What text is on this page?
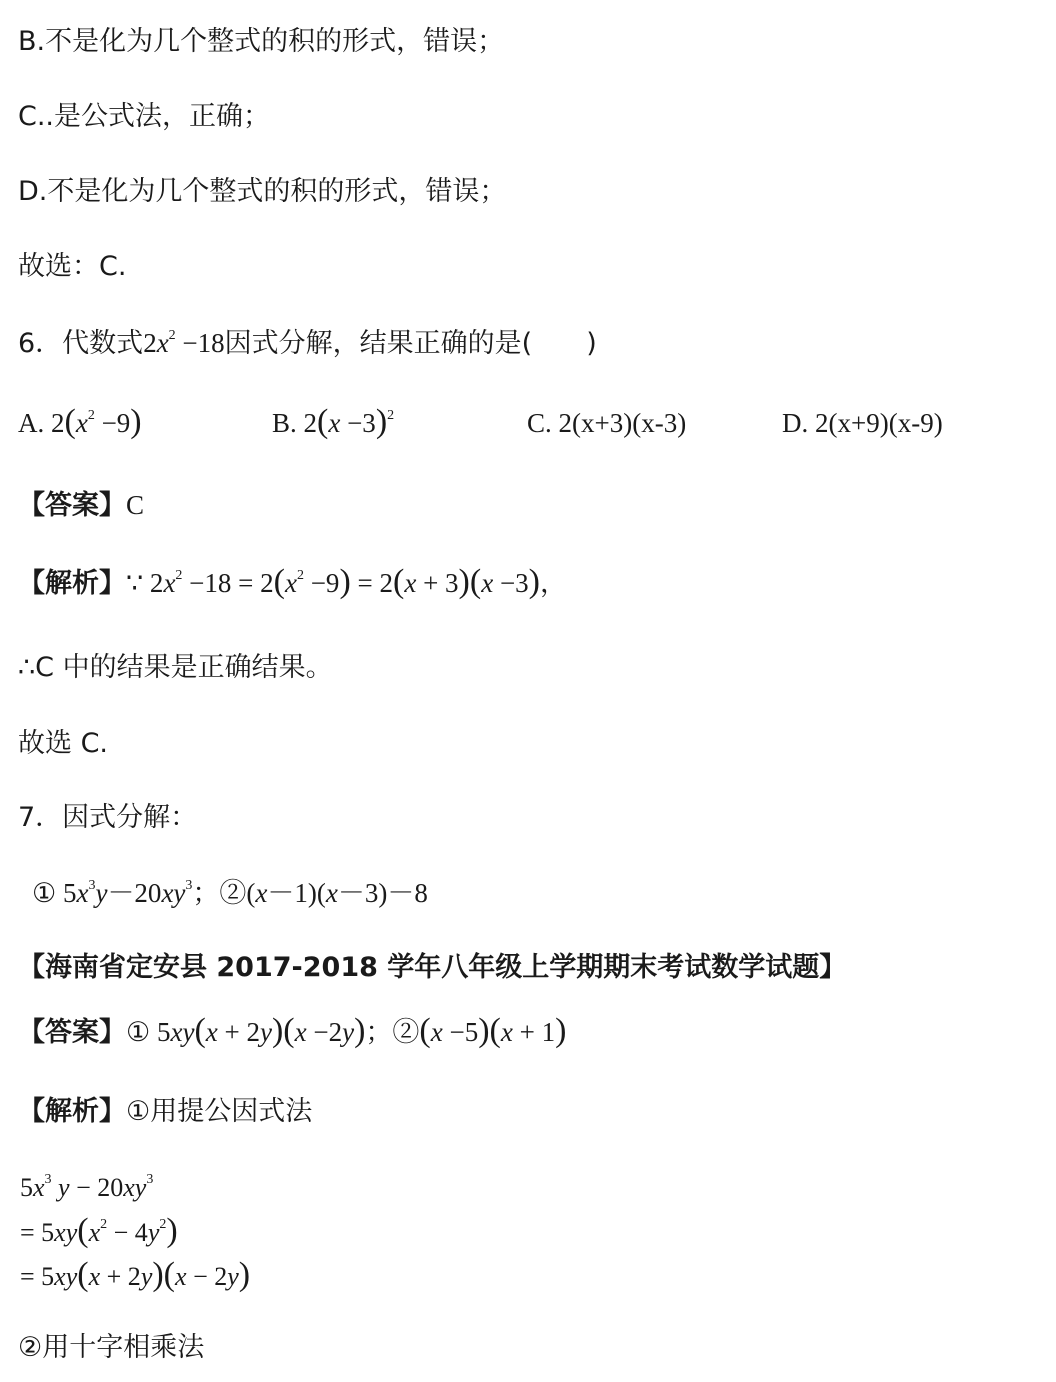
B.不是化为几个整式的积的形式，错误；
C..是公式法，正确；
D.不是化为几个整式的积的形式，错误；
故选：C.
6．代数式$2x^2 -18$因式分解，结果正确的是(　　)
A. $2(x^2 -9)$	B. $2(x -3)^2$	C. 2(x+3)(x-3)	D. 2(x+9)(x-9)
【答案】C
【解析】∵ $2x^2 -18 = 2(x^2 -9) = 2(x + 3)(x -3)$，
∴C 中的结果是正确结果。
故选 C.
7．因式分解：
① $5x^3y-20xy^3$；②(x－1)(x－3)－8
【海南省定安县 2017-2018 学年八年级上学期期末考试数学试题】
【答案】① 5xy(x + 2y)(x −2y)；②(x −5)(x + 1)
【解析】①用提公因式法
$5x^3$ $y - 20xy^3$
= $5xy(x^2 - 4y^2)$
= 5xy(x + 2y)(x − 2y)
②用十字相乘法
